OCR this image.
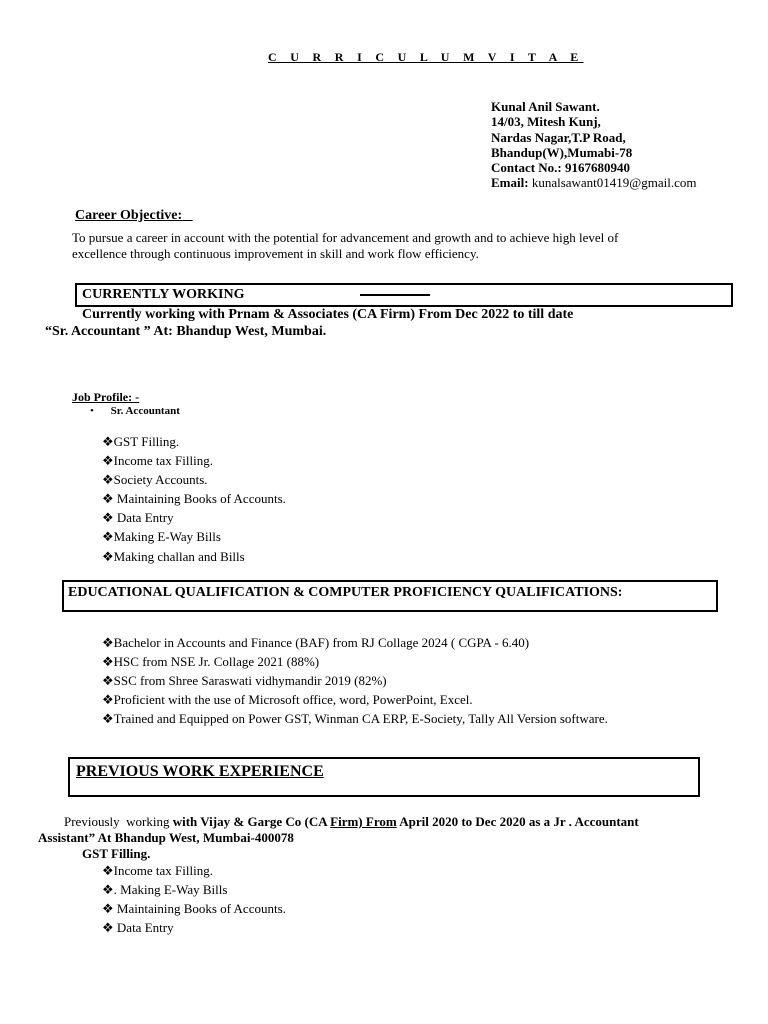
C U R R I C U L U M V I T A E
Kunal Anil Sawant.
14/03, Mitesh Kunj,
Nardas Nagar,T.P Road,
Bhandup(W),Mumabi-78
Contact No.: 9167680940
Email: kunalsawant01419@gmail.com
Career Objective:
To pursue a career in account with the potential for advancement and growth and to achieve high level of
excellence through continuous improvement in skill and work flow efficiency.
CURRENTLY WORKING
Currently working with Prnam & Associates (CA Firm) From Dec 2022 to till date
“Sr. Accountant ” At: Bhandup West, Mumbai.
Job Profile: -
• Sr. Accountant
❖GST Filling.
❖Income tax Filling.
❖Society Accounts.
❖ Maintaining Books of Accounts.
❖ Data Entry
❖Making E-Way Bills
❖Making challan and Bills
EDUCATIONAL QUALIFICATION & COMPUTER PROFICIENCY QUALIFICATIONS:
❖Bachelor in Accounts and Finance (BAF) from RJ Collage 2024 ( CGPA - 6.40)
❖HSC from NSE Jr. Collage 2021 (88%)
❖SSC from Shree Saraswati vidhymandir 2019 (82%)
❖Proficient with the use of Microsoft office, word, PowerPoint, Excel.
❖Trained and Equipped on Power GST, Winman CA ERP, E-Society, Tally All Version software.
PREVIOUS WORK EXPERIENCE
Previously  working with Vijay & Garge Co (CA Firm) From April 2020 to Dec 2020 as a Jr . Accountant
Assistant” At Bhandup West, Mumbai-400078
GST Filling.
❖Income tax Filling.
❖. Making E-Way Bills
❖ Maintaining Books of Accounts.
❖ Data Entry
